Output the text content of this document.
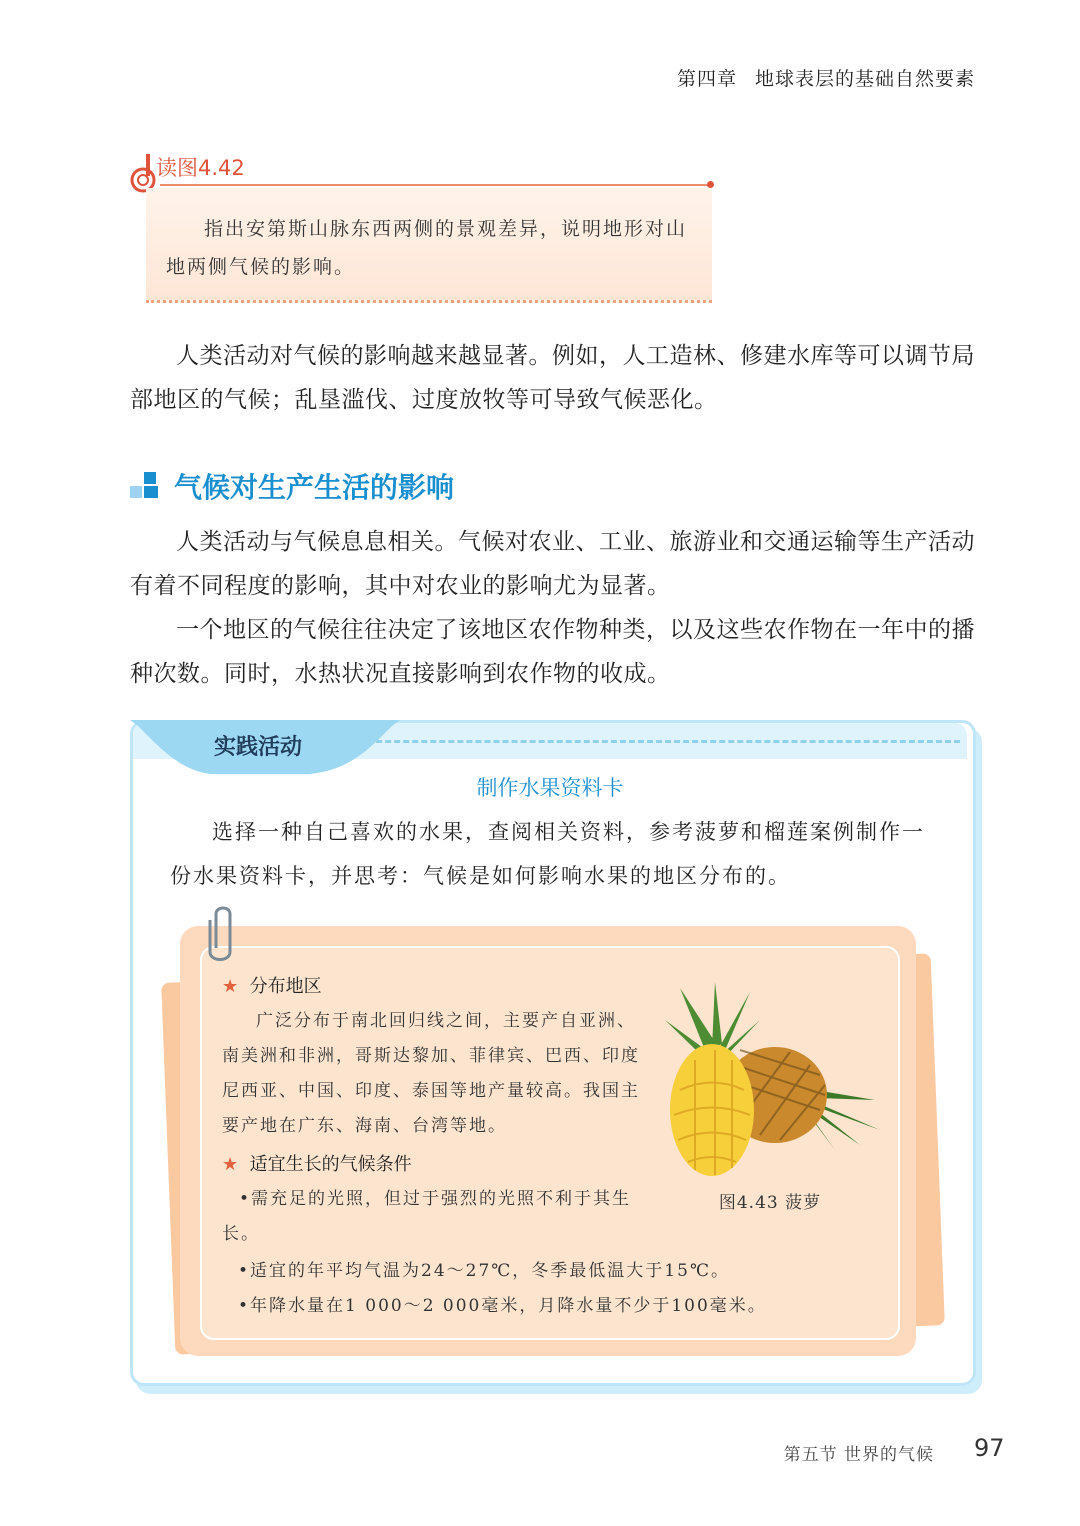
第四章 地球表层的基础自然要素
读图4.42
指出安第斯山脉东西两侧的景观差异，说明地形对山地两侧气候的影响。
人类活动对气候的影响越来越显著。例如，人工造林、修建水库等可以调节局部地区的气候；乱垦滥伐、过度放牧等可导致气候恶化。
气候对生产生活的影响
人类活动与气候息息相关。气候对农业、工业、旅游业和交通运输等生产活动有着不同程度的影响，其中对农业的影响尤为显著。
一个地区的气候往往决定了该地区农作物种类，以及这些农作物在一年中的播种次数。同时，水热状况直接影响到农作物的收成。
实践活动
制作水果资料卡
选择一种自己喜欢的水果，查阅相关资料，参考菠萝和榴莲案例制作一份水果资料卡，并思考：气候是如何影响水果的地区分布的。
★ 分布地区
广泛分布于南北回归线之间，主要产自亚洲、南美洲和非洲，哥斯达黎加、菲律宾、巴西、印度尼西亚、中国、印度、泰国等地产量较高。我国主要产地在广东、海南、台湾等地。
★ 适宜生长的气候条件
•需充足的光照，但过于强烈的光照不利于其生长。
•适宜的年平均气温为24～27℃，冬季最低温大于15℃。
•年降水量在1 000～2 000毫米，月降水量不少于100毫米。
图4.43 菠萝
第五节 世界的气候 97
